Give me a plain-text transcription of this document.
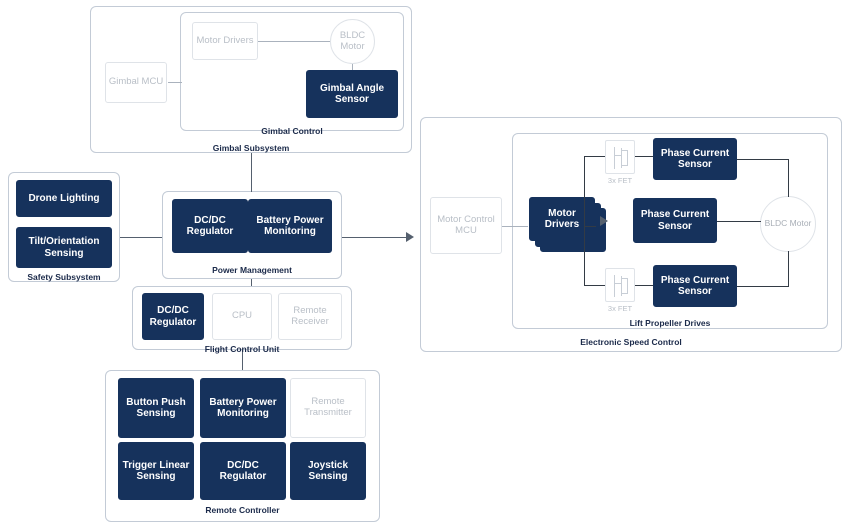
Gimbal Subsystem
Gimbal Control
Gimbal MCU
Motor Drivers	BLDC
Motor
Gimbal Angle Sensor
Safety Subsystem
Drone Lighting
Tilt/Orientation Sensing
Power Management
DC/DC Regulator
Battery Power Monitoring
Flight Control Unit
DC/DC Regulator
CPU	Remote
Receiver
Remote Controller
Button Push Sensing
Battery Power Monitoring
Remote
Transmitter
Trigger Linear Sensing
DC/DC Regulator
Joystick Sensing
Electronic Speed Control
Lift Propeller Drives
Motor Control MCU
Motor
Drivers
3x FET
3x FET
Phase Current Sensor
Phase Current Sensor
Phase Current Sensor
BLDC Motor
